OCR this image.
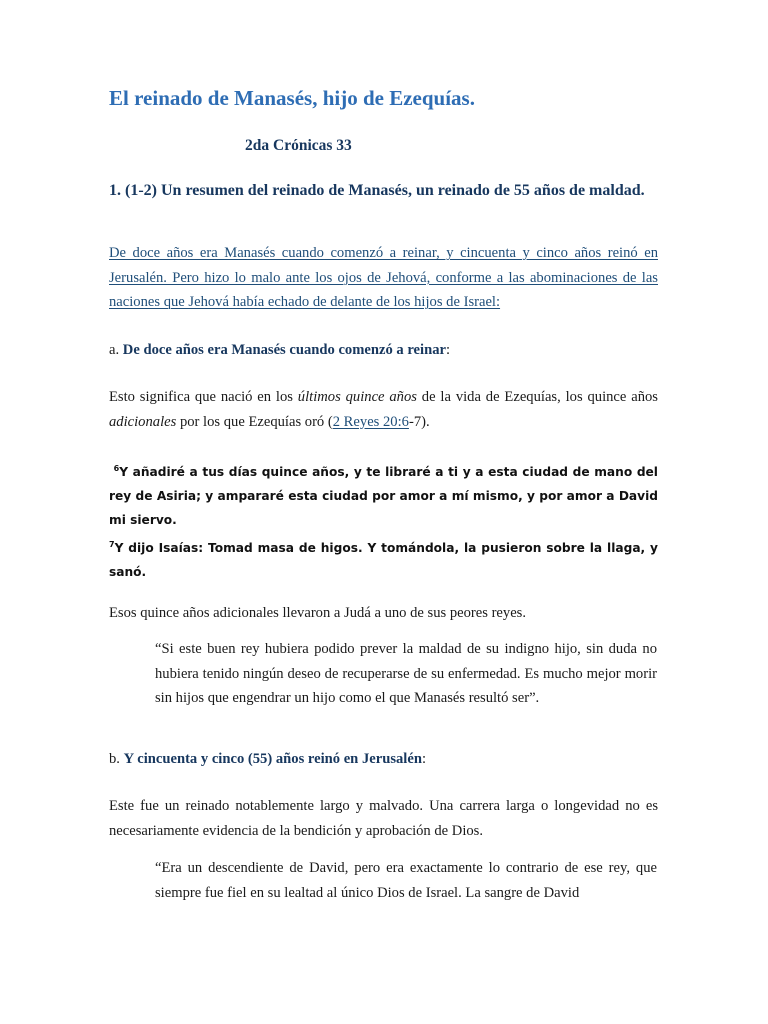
El reinado de Manasés, hijo de Ezequías.
2da Crónicas 33
1. (1-2) Un resumen del reinado de Manasés, un reinado de 55 años de maldad.
De doce años era Manasés cuando comenzó a reinar, y cincuenta y cinco años reinó en Jerusalén. Pero hizo lo malo ante los ojos de Jehová, conforme a las abominaciones de las naciones que Jehová había echado de delante de los hijos de Israel:
a. De doce años era Manasés cuando comenzó a reinar:
Esto significa que nació en los últimos quince años de la vida de Ezequías, los quince años adicionales por los que Ezequías oró (2 Reyes 20:6-7).
$^6$Y añadiré a tus días quince años, y te libraré a ti y a esta ciudad de mano del rey de Asiria; y ampararé esta ciudad por amor a mí mismo, y por amor a David mi siervo.
$^7$Y dijo Isaías: Tomad masa de higos. Y tomándola, la pusieron sobre la llaga, y sanó.
Esos quince años adicionales llevaron a Judá a uno de sus peores reyes.
“Si este buen rey hubiera podido prever la maldad de su indigno hijo, sin duda no hubiera tenido ningún deseo de recuperarse de su enfermedad. Es mucho mejor morir sin hijos que engendrar un hijo como el que Manasés resultó ser”.
b. Y cincuenta y cinco (55) años reinó en Jerusalén:
Este fue un reinado notablemente largo y malvado. Una carrera larga o longevidad no es necesariamente evidencia de la bendición y aprobación de Dios.
“Era un descendiente de David, pero era exactamente lo contrario de ese rey, que siempre fue fiel en su lealtad al único Dios de Israel. La sangre de David
